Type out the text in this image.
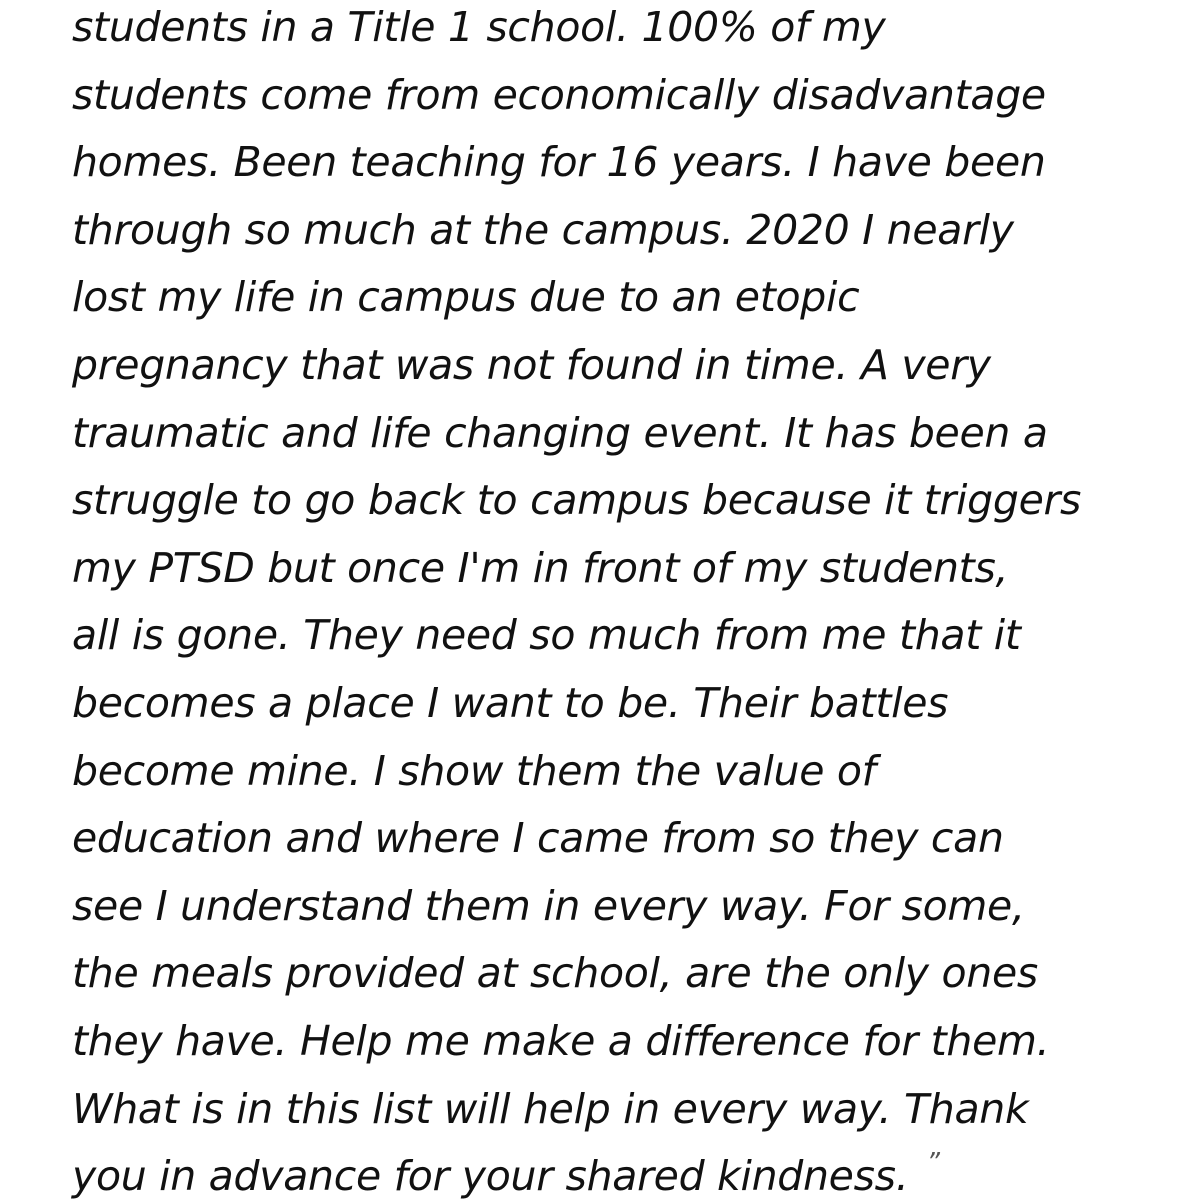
students in a Title 1 school. 100% of my
students come from economically disadvantage
homes. Been teaching for 16 years. I have been
through so much at the campus. 2020 I nearly
lost my life in campus due to an etopic
pregnancy that was not found in time. A very
traumatic and life changing event. It has been a
struggle to go back to campus because it triggers
my PTSD but once I'm in front of my students,
all is gone. They need so much from me that it
becomes a place I want to be. Their battles
become mine. I show them the value of
education and where I came from so they can
see I understand them in every way. For some,
the meals provided at school, are the only ones
they have. Help me make a difference for them.
What is in this list will help in every way. Thank
you in advance for your shared kindness. ”
